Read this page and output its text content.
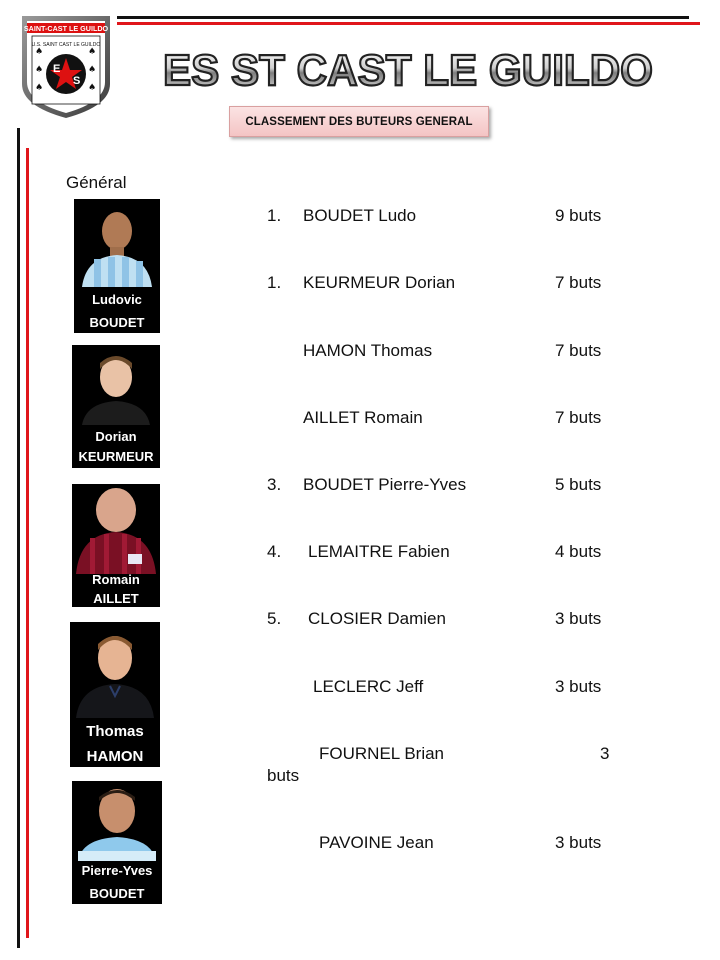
SAINT-CAST LE GUILDO
♠
♠
♠
♠
♠
♠
U.S. SAINT CAST LE GUILDO
E
S ES ST CAST LE GUILDO
CLASSEMENT DES BUTEURS GENERAL
Général
Ludovic
BOUDET
Dorian
KEURMEUR
Romain
AILLET
Thomas
HAMON
Pierre-Yves
BOUDET
1. BOUDET Ludo	9 buts
1. KEURMEUR Dorian	7 buts
HAMON Thomas	7 buts
AILLET Romain	7 buts
3. BOUDET Pierre-Yves	5 buts
4. LEMAITRE Fabien	4 buts
5. CLOSIER Damien	3 buts
LECLERC Jeff	3 buts
FOURNEL Brian	3
buts
PAVOINE Jean	3 buts
